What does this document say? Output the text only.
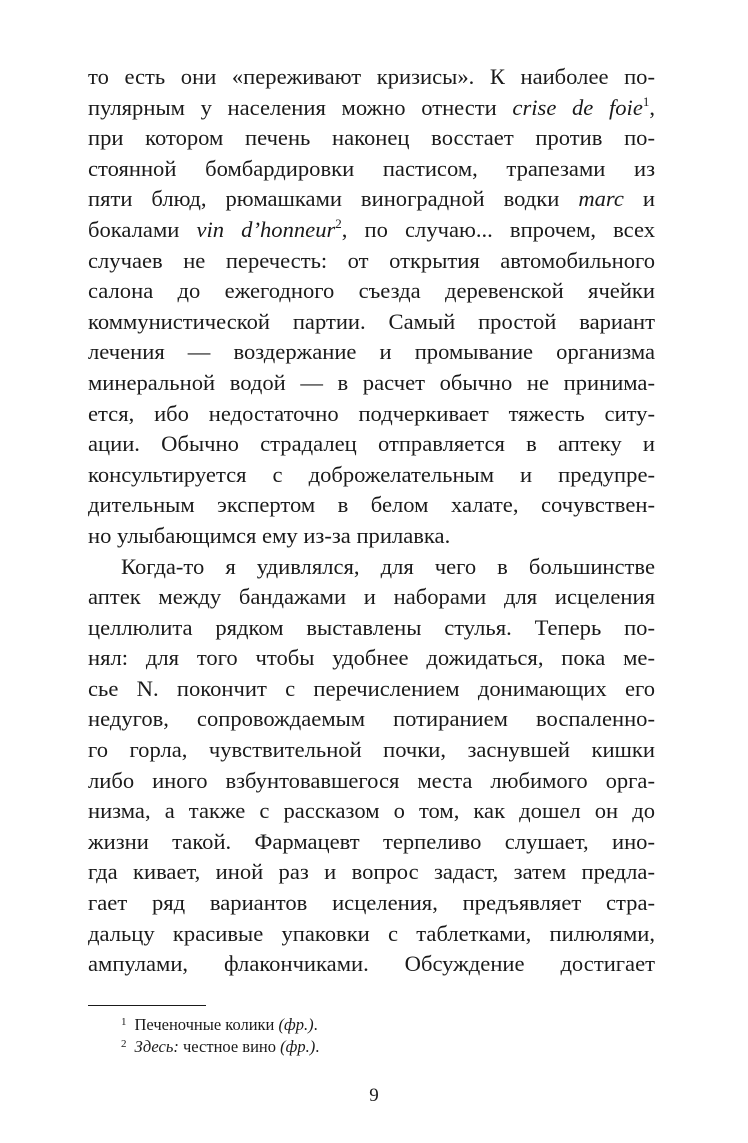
то есть они «переживают кризисы». К наиболее по-
пулярным у населения можно отнести crise de foie$^1$,
при котором печень наконец восстает против по-
стоянной бомбардировки пастисом, трапезами из
пяти блюд, рюмашками виноградной водки marc и
бокалами vin d’honneur$^2$, по случаю... впрочем, всех
случаев не перечесть: от открытия автомобильного
салона до ежегодного съезда деревенской ячейки
коммунистической партии. Самый простой вариант
лечения — воздержание и промывание организма
минеральной водой — в расчет обычно не принима-
ется, ибо недостаточно подчеркивает тяжесть ситу-
ации. Обычно страдалец отправляется в аптеку и
консультируется с доброжелательным и предупре-
дительным экспертом в белом халате, сочувствен-
но улыбающимся ему из-за прилавка.
Когда-то я удивлялся, для чего в большинстве
аптек между бандажами и наборами для исцеления
целлюлита рядком выставлены стулья. Теперь по-
нял: для того чтобы удобнее дожидаться, пока ме-
сье N. покончит с перечислением донимающих его
недугов, сопровождаемым потиранием воспаленно-
го горла, чувствительной почки, заснувшей кишки
либо иного взбунтовавшегося места любимого орга-
низма, а также с рассказом о том, как дошел он до
жизни такой. Фармацевт терпеливо слушает, ино-
гда кивает, иной раз и вопрос задаст, затем предла-
гает ряд вариантов исцеления, предъявляет стра-
дальцу красивые упаковки с таблетками, пилюлями,
ампулами, флакончиками. Обсуждение достигает
$^1$ Печеночные колики (фр.).
$^2$ Здесь: честное вино (фр.).
9
